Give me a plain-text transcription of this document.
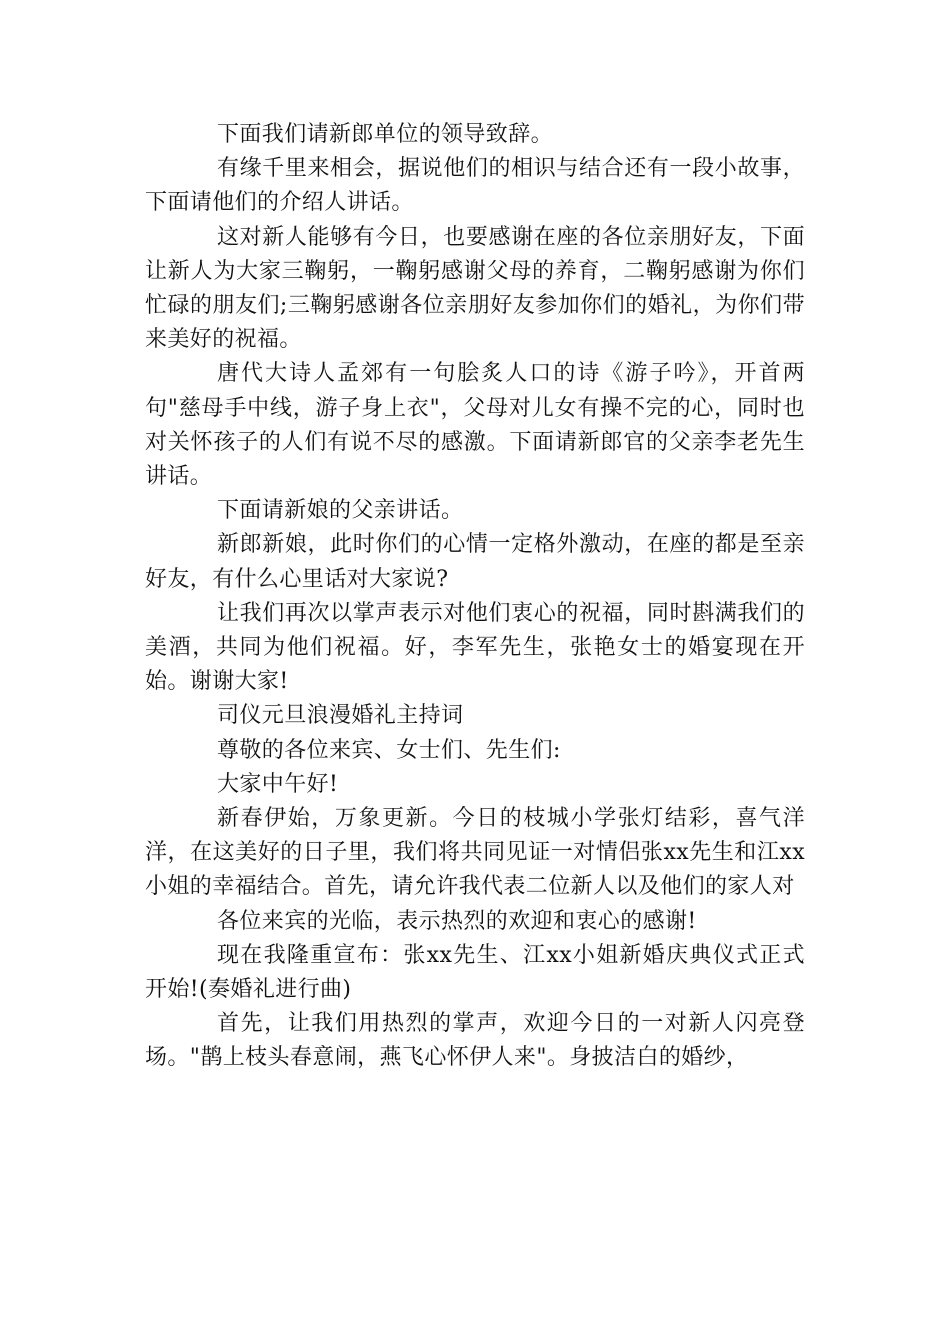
下面我们请新郎单位的领导致辞。

有缘千里来相会，据说他们的相识与结合还有一段小故事，下面请他们的介绍人讲话。

这对新人能够有今日，也要感谢在座的各位亲朋好友，下面让新人为大家三鞠躬，一鞠躬感谢父母的养育，二鞠躬感谢为你们忙碌的朋友们;三鞠躬感谢各位亲朋好友参加你们的婚礼，为你们带来美好的祝福。

唐代大诗人孟郊有一句脍炙人口的诗《游子吟》，开首两句"慈母手中线，游子身上衣"，父母对儿女有操不完的心，同时也对关怀孩子的人们有说不尽的感激。下面请新郎官的父亲李老先生讲话。

下面请新娘的父亲讲话。

新郎新娘，此时你们的心情一定格外激动，在座的都是至亲好友，有什么心里话对大家说?

让我们再次以掌声表示对他们衷心的祝福，同时斟满我们的美酒，共同为他们祝福。好，李军先生，张艳女士的婚宴现在开始。谢谢大家!

司仪元旦浪漫婚礼主持词

尊敬的各位来宾、女士们、先生们:

大家中午好!

新春伊始，万象更新。今日的枝城小学张灯结彩，喜气洋洋，在这美好的日子里，我们将共同见证一对情侣张xx先生和江xx小姐的幸福结合。首先，请允许我代表二位新人以及他们的家人对

各位来宾的光临，表示热烈的欢迎和衷心的感谢!

现在我隆重宣布：张xx先生、江xx小姐新婚庆典仪式正式开始!(奏婚礼进行曲)

首先，让我们用热烈的掌声，欢迎今日的一对新人闪亮登场。"鹊上枝头春意闹，燕飞心怀伊人来"。身披洁白的婚纱，
